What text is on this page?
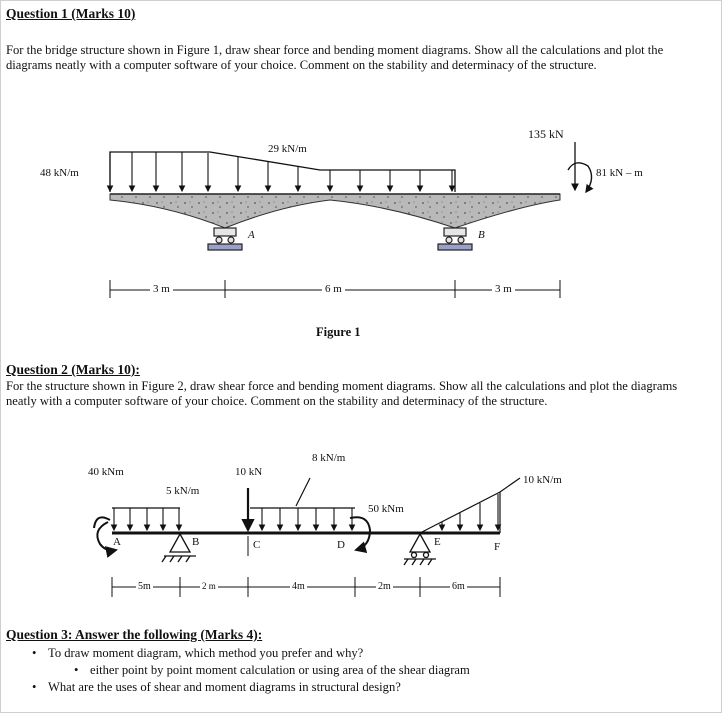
Question 1 (Marks 10)
For the bridge structure shown in Figure 1, draw shear force and bending moment diagrams. Show all the calculations and plot the diagrams neatly with a computer software of your choice. Comment on the stability and determinacy of the structure.
48 kN/m
29 kN/m
135 kN
81 kN – m
A	B
3 m	6 m	3 m
Figure 1
Question 2 (Marks 10):
For the structure shown in Figure 2, draw shear force and bending moment diagrams. Show all the calculations and plot the diagrams neatly with a computer software of your choice. Comment on the stability and determinacy of the structure.
40 kNm
5 kN/m
10 kN
8 kN/m
50 kNm
10 kN/m
A	B	C	D	E	F
5m	2 m	4m	2m	6m
Question 3: Answer the following (Marks 4):
• To draw moment diagram, which method you prefer and why?
• either point by point moment calculation or using area of the shear diagram
• What are the uses of shear and moment diagrams in structural design?
